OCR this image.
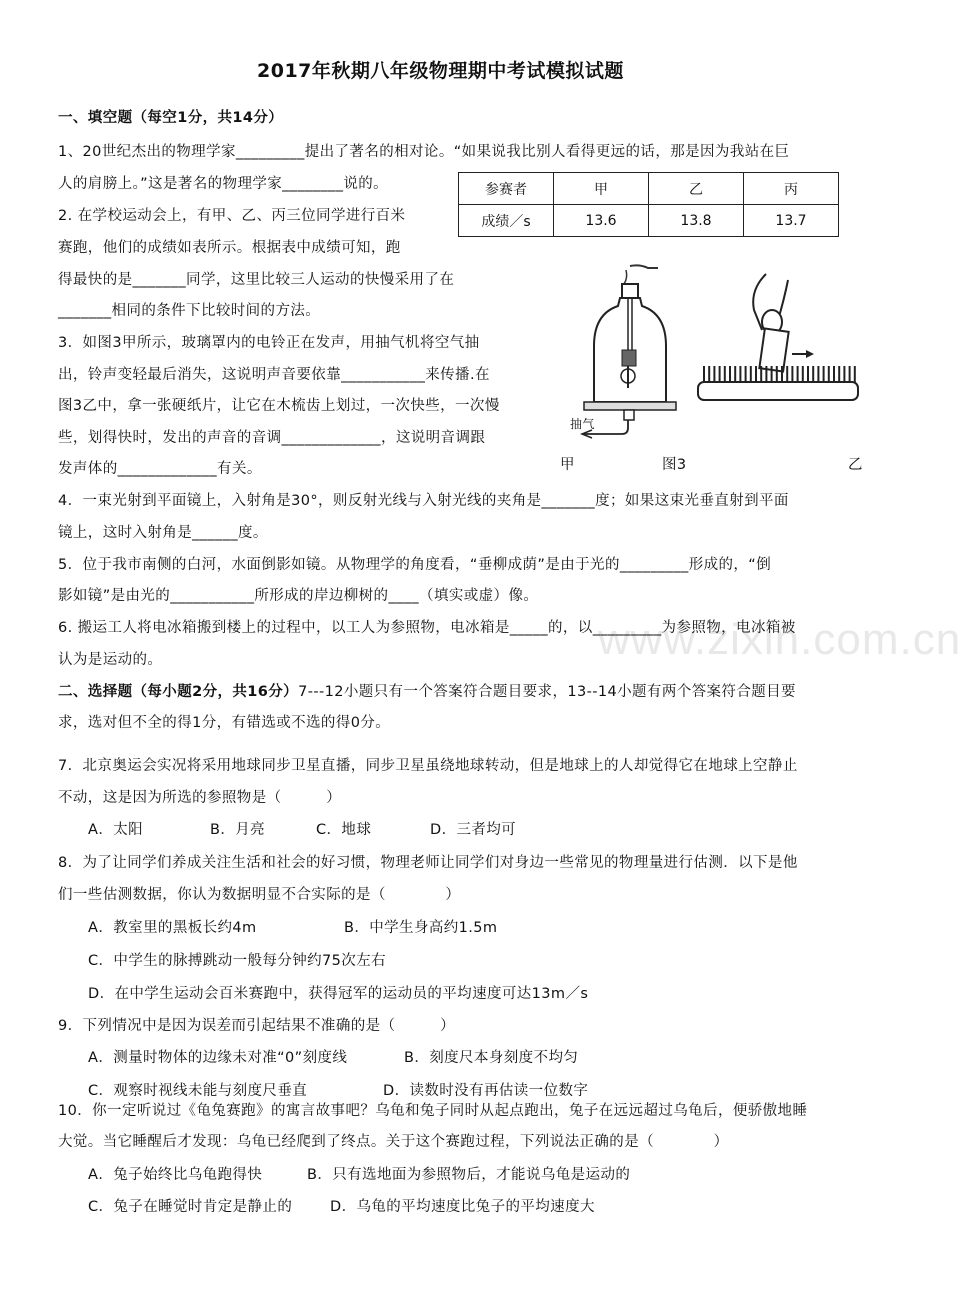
www.zixin.com.cn
2017年秋期八年级物理期中考试模拟试题
一、填空题（每空1分，共14分）
1、20世纪杰出的物理学家_________提出了著名的相对论。“如果说我比别人看得更远的话，那是因为我站在巨
人的肩膀上。”这是著名的物理学家________说的。	参赛者	甲	乙	丙
成绩／s	13.6	13.8	13.7
2. 在学校运动会上，有甲、乙、丙三位同学进行百米
赛跑，他们的成绩如表所示。根据表中成绩可知，跑
得最快的是_______同学，这里比较三人运动的快慢采用了在
_______相同的条件下比较时间的方法。
3．如图3甲所示，玻璃罩内的电铃正在发声，用抽气机将空气抽
出，铃声变轻最后消失，这说明声音要依靠___________来传播.在
图3乙中，拿一张硬纸片，让它在木梳齿上划过，一次快些，一次慢
些，划得快时，发出的声音的音调_____________，这说明音调跟
发声体的_____________有关。
抽气
甲	图3	乙
4．一束光射到平面镜上，入射角是30°，则反射光线与入射光线的夹角是_______度；如果这束光垂直射到平面
镜上，这时入射角是______度。
5．位于我市南侧的白河，水面倒影如镜。从物理学的角度看，“垂柳成荫”是由于光的_________形成的，“倒
影如镜”是由光的___________所形成的岸边柳树的____（填实或虚）像。
6. 搬运工人将电冰箱搬到楼上的过程中，以工人为参照物，电冰箱是_____的，以_________为参照物，电冰箱被
认为是运动的。
二、选择题（每小题2分，共16分）7---12小题只有一个答案符合题目要求，13--14小题有两个答案符合题目要
求，选对但不全的得1分，有错选或不选的得0分。
7．北京奥运会实况将采用地球同步卫星直播，同步卫星虽绕地球转动，但是地球上的人却觉得它在地球上空静止
不动，这是因为所选的参照物是（　　　）
A．太阳	B．月亮	C．地球	D．三者均可
8．为了让同学们养成关注生活和社会的好习惯，物理老师让同学们对身边一些常见的物理量进行估测．以下是他
们一些估测数据，你认为数据明显不合实际的是（　　　　）
A．教室里的黑板长约4m	B．中学生身高约1.5m
C．中学生的脉搏跳动一般每分钟约75次左右
D．在中学生运动会百米赛跑中，获得冠军的运动员的平均速度可达13m／s
9．下列情况中是因为误差而引起结果不准确的是（　　　）
A．测量时物体的边缘未对准“0”刻度线	B．刻度尺本身刻度不均匀
C．观察时视线未能与刻度尺垂直	D．读数时没有再估读一位数字
10．你一定听说过《龟兔赛跑》的寓言故事吧？乌龟和兔子同时从起点跑出，兔子在远远超过乌龟后，便骄傲地睡
大觉。当它睡醒后才发现：乌龟已经爬到了终点。关于这个赛跑过程，下列说法正确的是（　　　　）
A．兔子始终比乌龟跑得快	B．只有选地面为参照物后，才能说乌龟是运动的
C．兔子在睡觉时肯定是静止的	D．乌龟的平均速度比兔子的平均速度大
